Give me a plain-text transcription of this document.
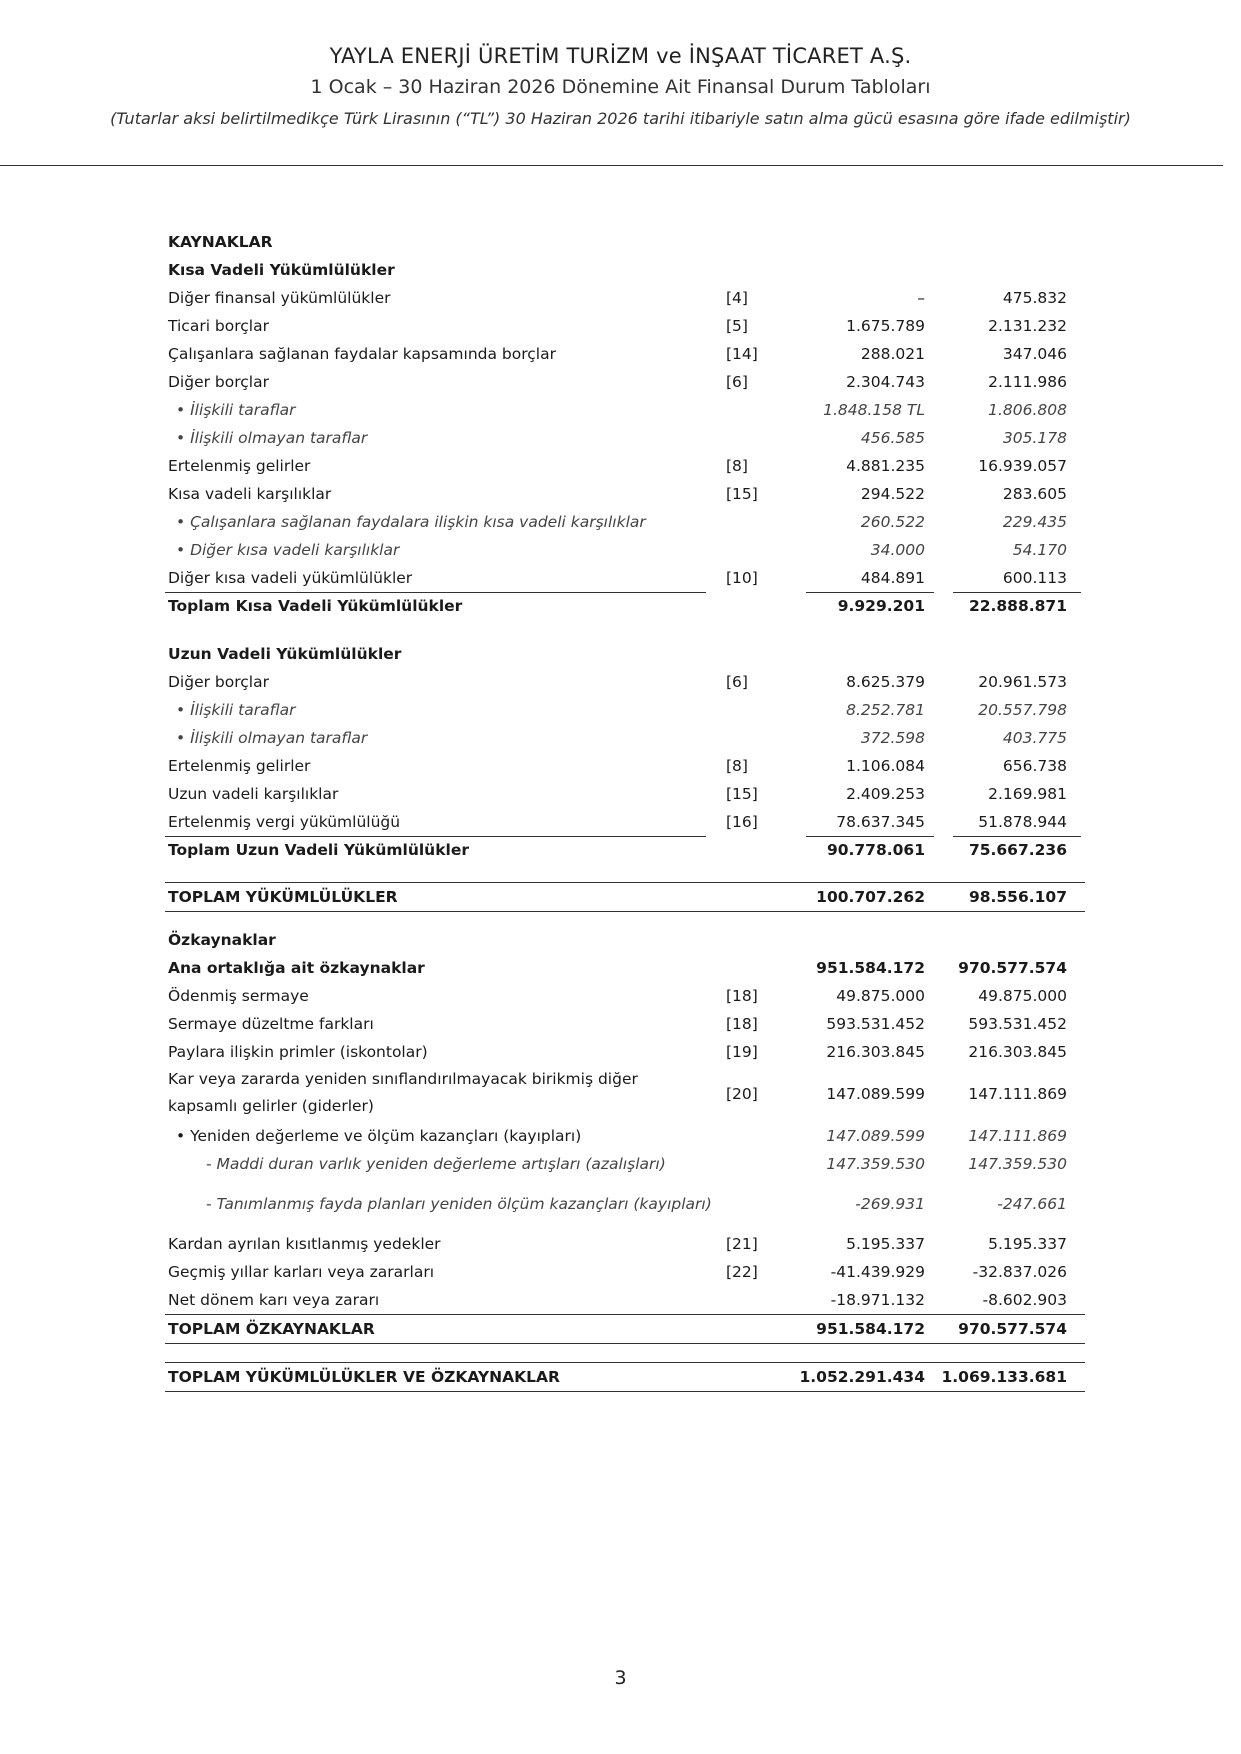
YAYLA ENERJİ ÜRETİM TURİZM ve İNŞAAT TİCARET A.Ş.
1 Ocak – 30 Haziran 2026 Dönemine Ait Finansal Durum Tabloları
(Tutarlar aksi belirtilmedikçe Türk Lirasının (“TL”) 30 Haziran 2026 tarihi itibariyle satın alma gücü esasına göre ifade edilmiştir)
KAYNAKLAR
Kısa Vadeli Yükümlülükler
Diğer finansal yükümlülükler	[4]	–	475.832
Ticari borçlar	[5]	1.675.789	2.131.232
Çalışanlara sağlanan faydalar kapsamında borçlar	[14]	288.021	347.046
Diğer borçlar	[6]	2.304.743	2.111.986
• İlişkili taraflar	1.848.158 TL	1.806.808
• İlişkili olmayan taraflar	456.585	305.178
Ertelenmiş gelirler	[8]	4.881.235	16.939.057
Kısa vadeli karşılıklar	[15]	294.522	283.605
• Çalışanlara sağlanan faydalara ilişkin kısa vadeli karşılıklar	260.522	229.435
• Diğer kısa vadeli karşılıklar	34.000	54.170
Diğer kısa vadeli yükümlülükler	[10]	484.891	600.113
Toplam Kısa Vadeli Yükümlülükler	9.929.201	22.888.871
Uzun Vadeli Yükümlülükler
Diğer borçlar	[6]	8.625.379	20.961.573
• İlişkili taraflar	8.252.781	20.557.798
• İlişkili olmayan taraflar	372.598	403.775
Ertelenmiş gelirler	[8]	1.106.084	656.738
Uzun vadeli karşılıklar	[15]	2.409.253	2.169.981
Ertelenmiş vergi yükümlülüğü	[16]	78.637.345	51.878.944
Toplam Uzun Vadeli Yükümlülükler	90.778.061	75.667.236
TOPLAM YÜKÜMLÜLÜKLER	100.707.262	98.556.107
Özkaynaklar
Ana ortaklığa ait özkaynaklar	951.584.172 970.577.574
Ödenmiş sermaye	[18]	49.875.000	49.875.000
Sermaye düzeltme farkları	[18]	593.531.452	593.531.452
Paylara ilişkin primler (iskontolar)	[19]	216.303.845	216.303.845
Kar veya zararda yeniden sınıflandırılmayacak birikmiş diğer kapsamlı gelirler (giderler)
[20]	147.089.599	147.111.869
• Yeniden değerleme ve ölçüm kazançları (kayıpları)	147.089.599	147.111.869
- Maddi duran varlık yeniden değerleme artışları (azalışları)	147.359.530	147.359.530
- Tanımlanmış fayda planları yeniden ölçüm kazançları (kayıpları)	-269.931	-247.661
Kardan ayrılan kısıtlanmış yedekler	[21]	5.195.337	5.195.337
Geçmiş yıllar karları veya zararları	[22]	-41.439.929	-32.837.026
Net dönem karı veya zararı	-18.971.132	-8.602.903
TOPLAM ÖZKAYNAKLAR	951.584.172 970.577.574
TOPLAM YÜKÜMLÜLÜKLER VE ÖZKAYNAKLAR	1.052.291.434 1.069.133.681
3
